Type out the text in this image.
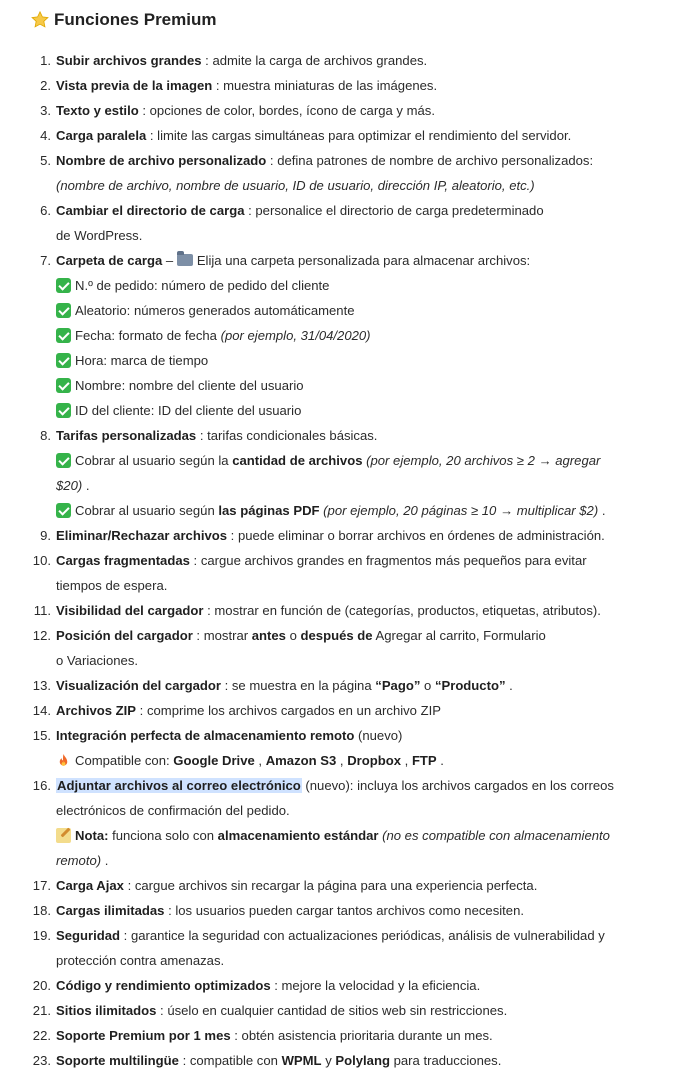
Funciones Premium
1. Subir archivos grandes : admite la carga de archivos grandes.
2. Vista previa de la imagen : muestra miniaturas de las imágenes.
3. Texto y estilo : opciones de color, bordes, ícono de carga y más.
4. Carga paralela : limite las cargas simultáneas para optimizar el rendimiento del servidor.
5. Nombre de archivo personalizado : defina patrones de nombre de archivo personalizados:
(nombre de archivo, nombre de usuario, ID de usuario, dirección IP, aleatorio, etc.)
6. Cambiar el directorio de carga : personalice el directorio de carga predeterminado
de WordPress.
7. Carpeta de carga – Elija una carpeta personalizada para almacenar archivos:
N.º de pedido: número de pedido del cliente
Aleatorio: números generados automáticamente
Fecha: formato de fecha (por ejemplo, 31/04/2020)
Hora: marca de tiempo
Nombre: nombre del cliente del usuario
ID del cliente: ID del cliente del usuario
8. Tarifas personalizadas : tarifas condicionales básicas.
Cobrar al usuario según la cantidad de archivos (por ejemplo, 20 archivos ≥ 2 → agregar
$20) .
Cobrar al usuario según las páginas PDF (por ejemplo, 20 páginas ≥ 10 → multiplicar $2) .
9. Eliminar/Rechazar archivos : puede eliminar o borrar archivos en órdenes de administración.
10. Cargas fragmentadas : cargue archivos grandes en fragmentos más pequeños para evitar
tiempos de espera.
11. Visibilidad del cargador : mostrar en función de (categorías, productos, etiquetas, atributos).
12. Posición del cargador : mostrar antes o después de Agregar al carrito, Formulario
o Variaciones.
13. Visualización del cargador : se muestra en la página “Pago” o “Producto” .
14. Archivos ZIP : comprime los archivos cargados en un archivo ZIP
15. Integración perfecta de almacenamiento remoto (nuevo)
Compatible con: Google Drive , Amazon S3 , Dropbox , FTP .
16. Adjuntar archivos al correo electrónico (nuevo): incluya los archivos cargados en los correos
electrónicos de confirmación del pedido.
Nota: funciona solo con almacenamiento estándar (no es compatible con almacenamiento
remoto) .
17. Carga Ajax : cargue archivos sin recargar la página para una experiencia perfecta.
18. Cargas ilimitadas : los usuarios pueden cargar tantos archivos como necesiten.
19. Seguridad : garantice la seguridad con actualizaciones periódicas, análisis de vulnerabilidad y
protección contra amenazas.
20. Código y rendimiento optimizados : mejore la velocidad y la eficiencia.
21. Sitios ilimitados : úselo en cualquier cantidad de sitios web sin restricciones.
22. Soporte Premium por 1 mes : obtén asistencia prioritaria durante un mes.
23. Soporte multilingüe : compatible con WPML y Polylang para traducciones.
